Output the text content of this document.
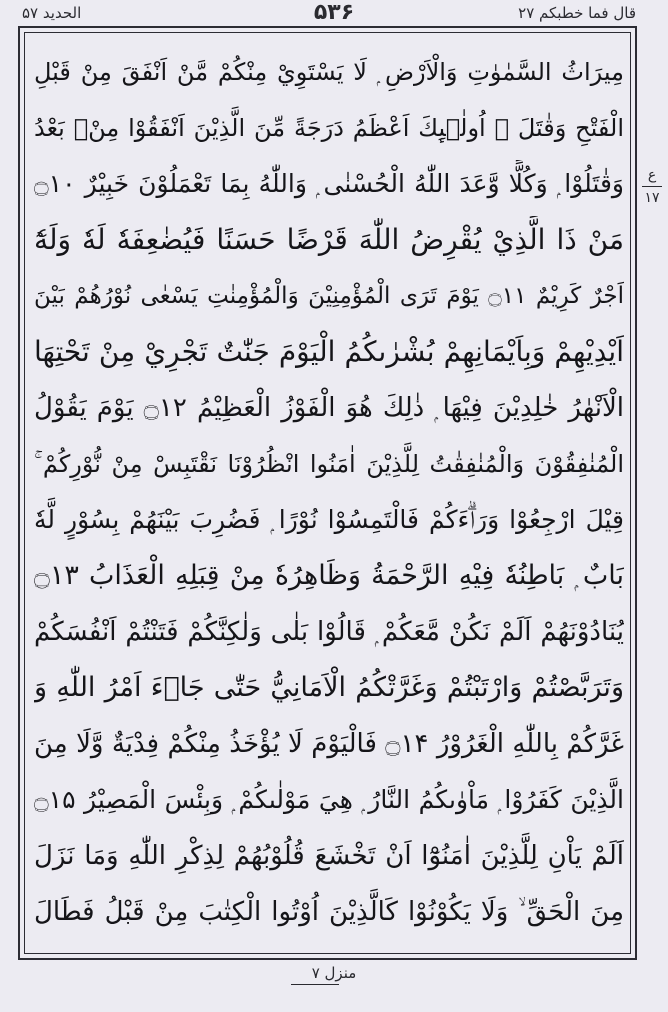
الحدید ۵۷	۵۳۶	قال فما خطبکم ۲۷
مِيرَاثُ السَّمٰوٰتِ وَالْاَرْضِ ۭ لَا يَسْتَوِيْ مِنْكُمْ مَّنْ اَنْفَقَ مِنْ قَبْلِ
الْفَتْحِ وَقٰتَلَ ۭ اُولٰۗىِٕكَ اَعْظَمُ دَرَجَةً مِّنَ الَّذِيْنَ اَنْفَقُوْا مِنْۢ بَعْدُ
وَقٰتَلُوْا ۭ وَكُلًّا وَّعَدَ اللّٰهُ الْحُسْنٰى ۭ وَاللّٰهُ بِمَا تَعْمَلُوْنَ خَبِيْرٌ ۝۱۰
مَنْ ذَا الَّذِيْ يُقْرِضُ اللّٰهَ قَرْضًا حَسَنًا فَيُضٰعِفَهٗ لَهٗ وَلَهٗٓ
اَجْرٌ كَرِيْمٌ ۝۱۱ يَوْمَ تَرَى الْمُؤْمِنِيْنَ وَالْمُؤْمِنٰتِ يَسْعٰى نُوْرُهُمْ بَيْنَ
اَيْدِيْهِمْ وَبِاَيْمَانِهِمْ بُشْرٰىكُمُ الْيَوْمَ جَنّٰتٌ تَجْرِيْ مِنْ تَحْتِهَا
الْاَنْهٰرُ خٰلِدِيْنَ فِيْهَا ۭ ذٰلِكَ هُوَ الْفَوْزُ الْعَظِيْمُ ۝۱۲ يَوْمَ يَقُوْلُ
الْمُنٰفِقُوْنَ وَالْمُنٰفِقٰتُ لِلَّذِيْنَ اٰمَنُوا انْظُرُوْنَا نَقْتَبِسْ مِنْ نُّوْرِكُمْ ۚ
قِيْلَ ارْجِعُوْا وَرَاۗءَكُمْ فَالْتَمِسُوْا نُوْرًا ۭ فَضُرِبَ بَيْنَهُمْ بِسُوْرٍ لَّهٗ
بَابٌ ۭ بَاطِنُهٗ فِيْهِ الرَّحْمَةُ وَظَاهِرُهٗ مِنْ قِبَلِهِ الْعَذَابُ ۝۱۳
يُنَادُوْنَهُمْ اَلَمْ نَكُنْ مَّعَكُمْ ۭ قَالُوْا بَلٰى وَلٰكِنَّكُمْ فَتَنْتُمْ اَنْفُسَكُمْ
وَتَرَبَّصْتُمْ وَارْتَبْتُمْ وَغَرَّتْكُمُ الْاَمَانِيُّ حَتّٰى جَاۗءَ اَمْرُ اللّٰهِ وَ
غَرَّكُمْ بِاللّٰهِ الْغَرُوْرُ ۝۱۴ فَالْيَوْمَ لَا يُؤْخَذُ مِنْكُمْ فِدْيَةٌ وَّلَا مِنَ
الَّذِيْنَ كَفَرُوْا ۭ مَاْوٰىكُمُ النَّارُ ۭ هِيَ مَوْلٰىكُمْ ۭ وَبِئْسَ الْمَصِيْرُ ۝۱۵
اَلَمْ يَاْنِ لِلَّذِيْنَ اٰمَنُوْٓا اَنْ تَخْشَعَ قُلُوْبُهُمْ لِذِكْرِ اللّٰهِ وَمَا نَزَلَ
مِنَ الْحَقِّ ۙ وَلَا يَكُوْنُوْا كَالَّذِيْنَ اُوْتُوا الْكِتٰبَ مِنْ قَبْلُ فَطَالَ
ع
۱۷
منزل ۷
